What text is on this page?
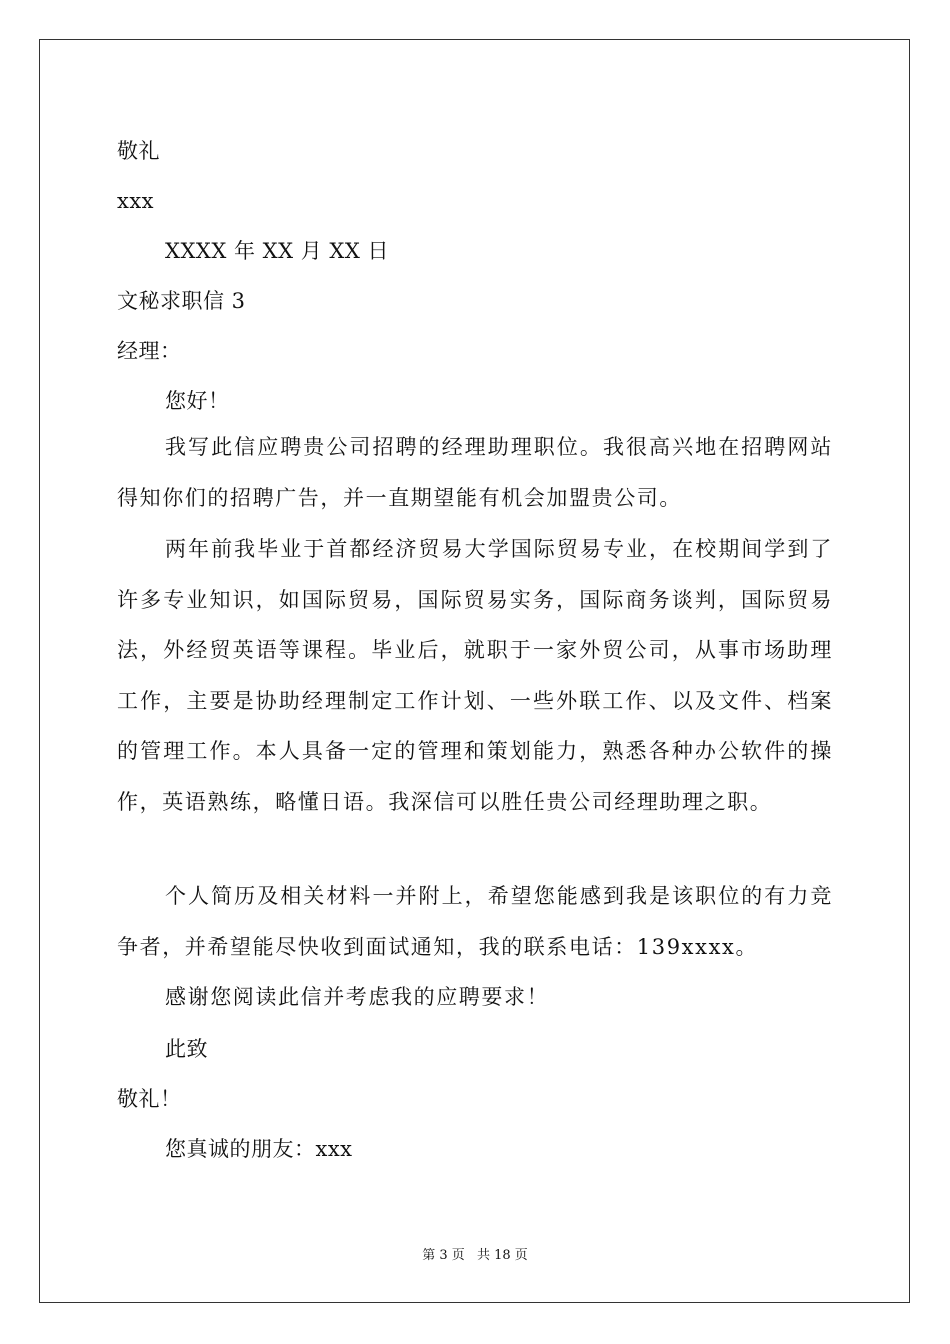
敬礼
xxx
XXXX 年 XX 月 XX 日
文秘求职信 3
经理：
您好！
我写此信应聘贵公司招聘的经理助理职位。我很高兴地在招聘网站得知你们的招聘广告，并一直期望能有机会加盟贵公司。
两年前我毕业于首都经济贸易大学国际贸易专业，在校期间学到了许多专业知识，如国际贸易，国际贸易实务，国际商务谈判，国际贸易法，外经贸英语等课程。毕业后，就职于一家外贸公司，从事市场助理工作，主要是协助经理制定工作计划、一些外联工作、以及文件、档案的管理工作。本人具备一定的管理和策划能力，熟悉各种办公软件的操作，英语熟练，略懂日语。我深信可以胜任贵公司经理助理之职。
个人简历及相关材料一并附上，希望您能感到我是该职位的有力竞争者，并希望能尽快收到面试通知，我的联系电话：139xxxx。
感谢您阅读此信并考虑我的应聘要求！
此致
敬礼！
您真诚的朋友：xxx
第 3 页 共 18 页
